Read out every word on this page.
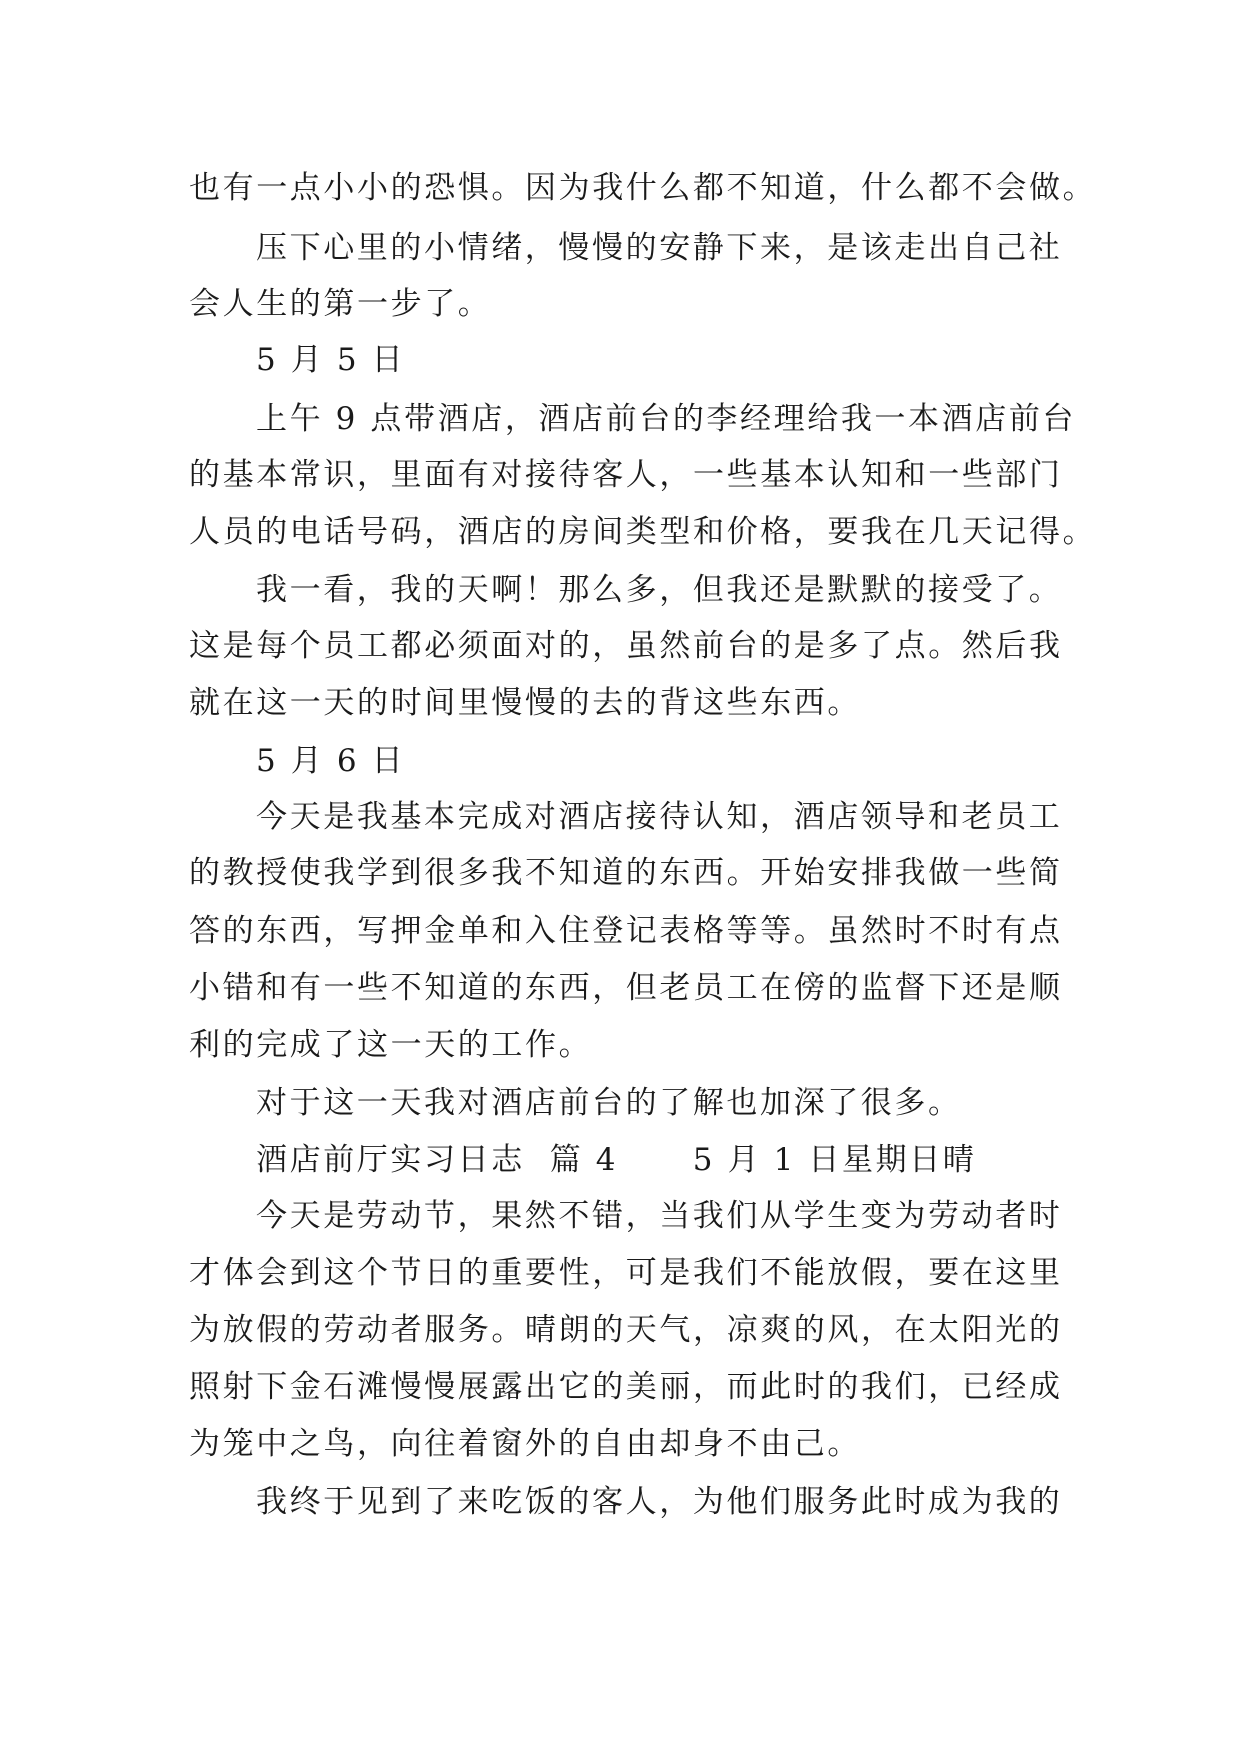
也有一点小小的恐惧。因为我什么都不知道，什么都不会做。
压下心里的小情绪，慢慢的安静下来，是该走出自己社
会人生的第一步了。
5 月 5 日
上午 9 点带酒店，酒店前台的李经理给我一本酒店前台
的基本常识，里面有对接待客人，一些基本认知和一些部门
人员的电话号码，酒店的房间类型和价格，要我在几天记得。
我一看，我的天啊！那么多，但我还是默默的接受了。
这是每个员工都必须面对的，虽然前台的是多了点。然后我
就在这一天的时间里慢慢的去的背这些东西。
5 月 6 日
今天是我基本完成对酒店接待认知，酒店领导和老员工
的教授使我学到很多我不知道的东西。开始安排我做一些简
答的东西，写押金单和入住登记表格等等。虽然时不时有点
小错和有一些不知道的东西，但老员工在傍的监督下还是顺
利的完成了这一天的工作。
对于这一天我对酒店前台的了解也加深了很多。
酒店前厅实习日志  篇 4      5 月 1 日星期日晴
今天是劳动节，果然不错，当我们从学生变为劳动者时
才体会到这个节日的重要性，可是我们不能放假，要在这里
为放假的劳动者服务。晴朗的天气，凉爽的风，在太阳光的
照射下金石滩慢慢展露出它的美丽，而此时的我们，已经成
为笼中之鸟，向往着窗外的自由却身不由己。
我终于见到了来吃饭的客人，为他们服务此时成为我的
